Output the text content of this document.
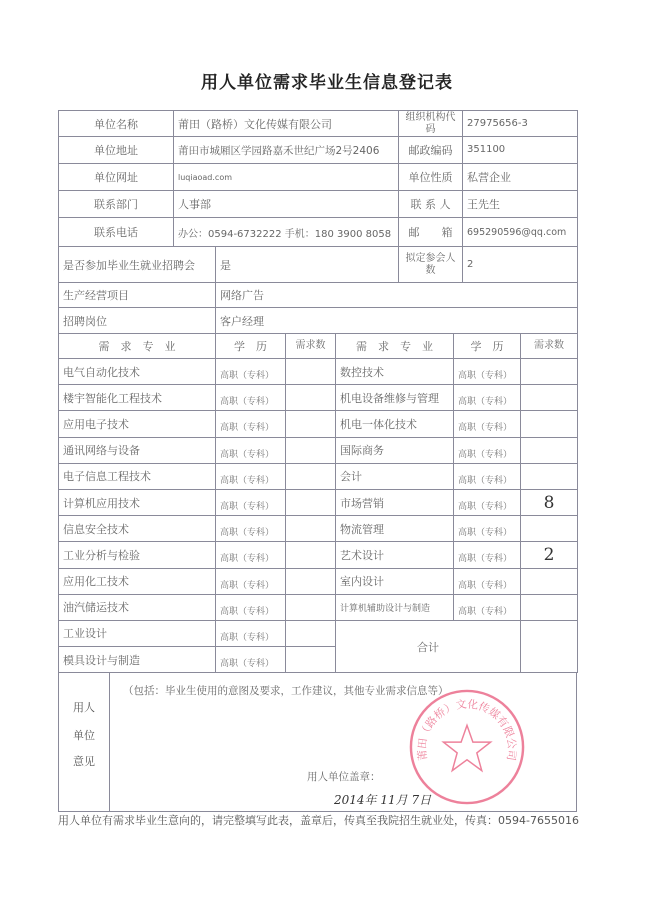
用人单位需求毕业生信息登记表
单位名称	莆田（路桥）文化传媒有限公司	组织机构代码	27975656-3
单位地址	莆田市城厢区学园路嘉禾世纪广场2号2406	邮政编码	351100
单位网址	luqiaoad.com	单位性质	私营企业
联系部门	人事部	联 系 人	王先生
联系电话	办公：0594-6732222 手机：180 3900 8058	邮　　箱	695290596@qq.com
是否参加毕业生就业招聘会	是	拟定参会人数	2
生产经营项目	网络广告		
招聘岗位	客户经理		
需　求　专　业	学　历	需求数	需　求　专　业	学　历	需求数
电气自动化技术	高职（专科）		数控技术	高职（专科）	
楼宇智能化工程技术	高职（专科）		机电设备维修与管理	高职（专科）	
应用电子技术	高职（专科）		机电一体化技术	高职（专科）	
通讯网络与设备	高职（专科）		国际商务	高职（专科）	
电子信息工程技术	高职（专科）		会计	高职（专科）	
计算机应用技术	高职（专科）		市场营销	高职（专科）	8
信息安全技术	高职（专科）		物流管理	高职（专科）	
工业分析与检验	高职（专科）		艺术设计	高职（专科）	2
应用化工技术	高职（专科）		室内设计	高职（专科）	
油汽储运技术	高职（专科）		计算机辅助设计与制造	高职（专科）	
工业设计	高职（专科）		合计		
模具设计与制造	高职（专科）				
用人
单位
意见
（包括：毕业生使用的意图及要求，工作建议，其他专业需求信息等）
用人单位盖章：
2014年 11月 7日
莆田（路桥）文化传媒有限公司
用人单位有需求毕业生意向的，请完整填写此表，盖章后，传真至我院招生就业处，传真：0594-7655016
